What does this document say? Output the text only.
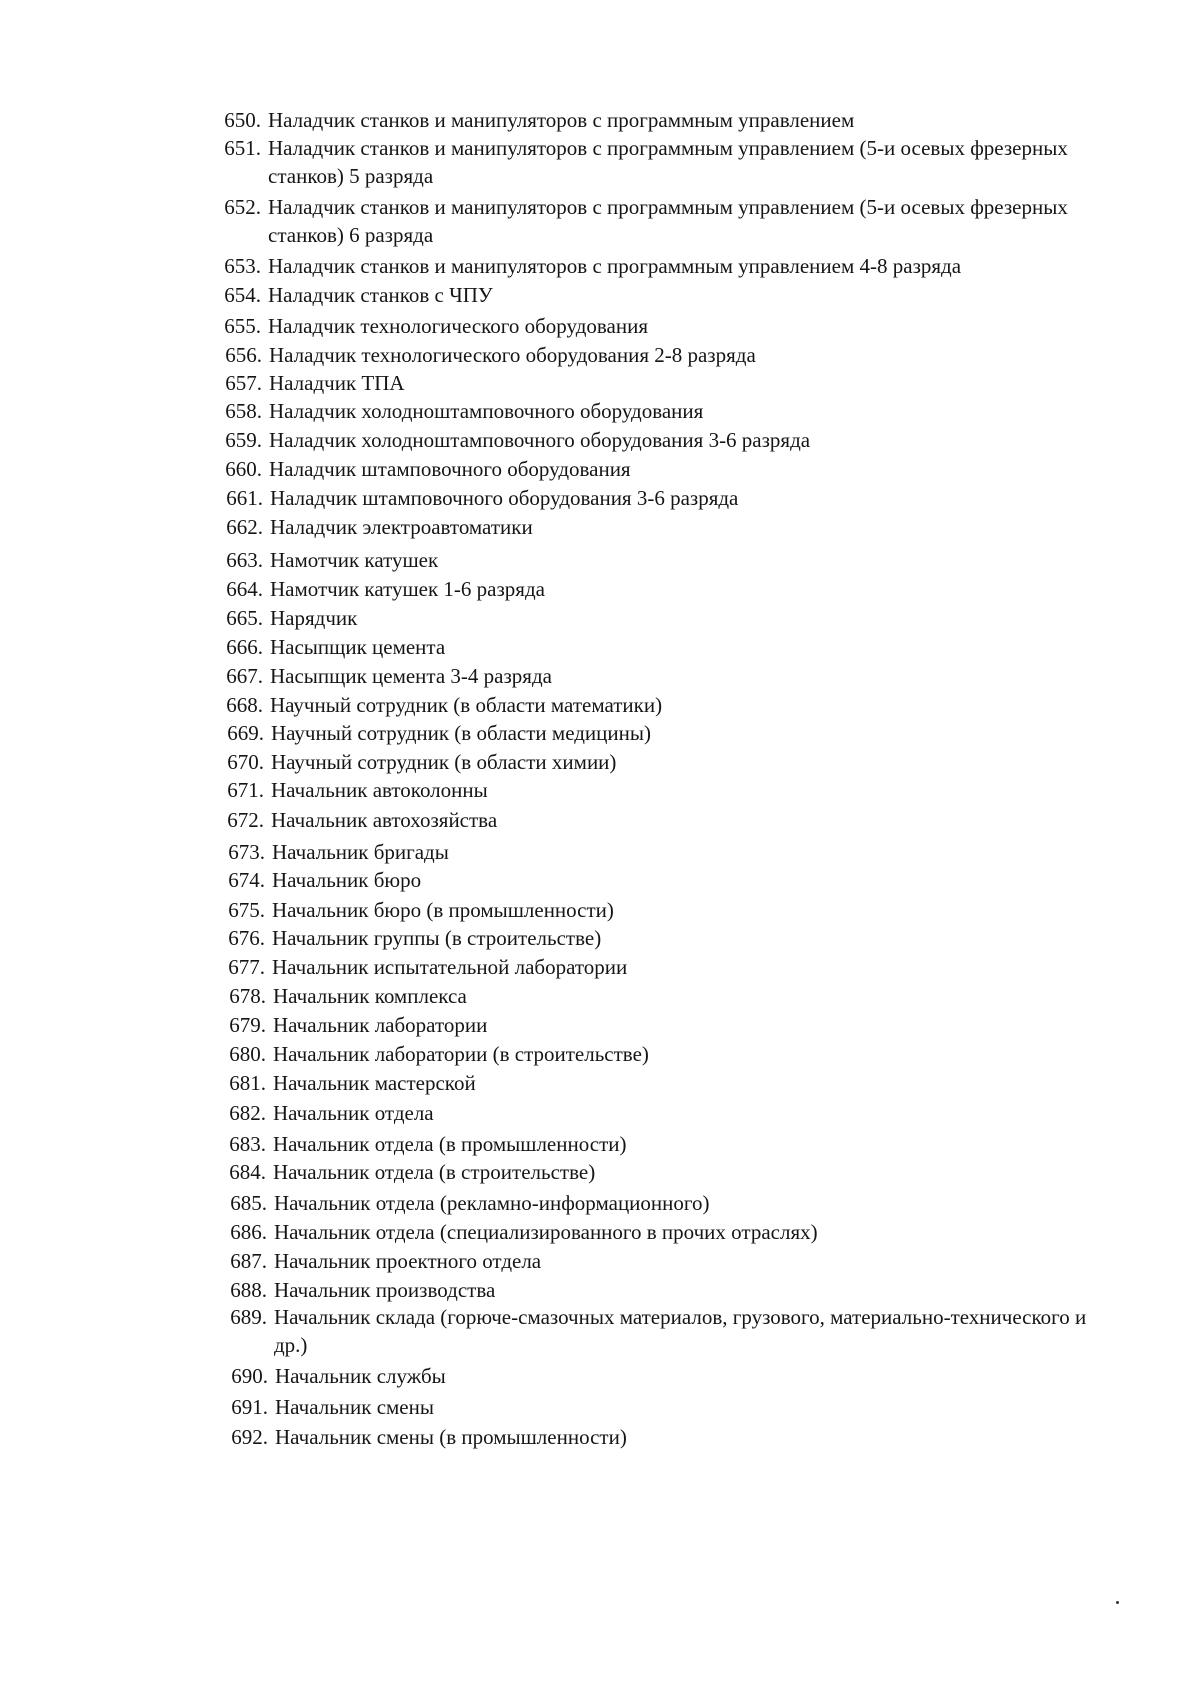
650. Наладчик станков и манипуляторов с программным управлением
651. Наладчик станков и манипуляторов с программным управлением (5-и осевых фрезерных станков) 5 разряда
652. Наладчик станков и манипуляторов с программным управлением (5-и осевых фрезерных станков) 6 разряда
653. Наладчик станков и манипуляторов с программным управлением 4-8 разряда
654. Наладчик станков с ЧПУ
655. Наладчик технологического оборудования
656. Наладчик технологического оборудования 2-8 разряда
657. Наладчик ТПА
658. Наладчик холодноштамповочного оборудования
659. Наладчик холодноштамповочного оборудования 3-6 разряда
660. Наладчик штамповочного оборудования
661. Наладчик штамповочного оборудования 3-6 разряда
662. Наладчик электроавтоматики
663. Намотчик катушек
664. Намотчик катушек 1-6 разряда
665. Нарядчик
666. Насыпщик цемента
667. Насыпщик цемента 3-4 разряда
668. Научный сотрудник (в области математики)
669. Научный сотрудник (в области медицины)
670. Научный сотрудник (в области химии)
671. Начальник автоколонны
672. Начальник автохозяйства
673. Начальник бригады
674. Начальник бюро
675. Начальник бюро (в промышленности)
676. Начальник группы (в строительстве)
677. Начальник испытательной лаборатории
678. Начальник комплекса
679. Начальник лаборатории
680. Начальник лаборатории (в строительстве)
681. Начальник мастерской
682. Начальник отдела
683. Начальник отдела (в промышленности)
684. Начальник отдела (в строительстве)
685. Начальник отдела (рекламно-информационного)
686. Начальник отдела (специализированного в прочих отраслях)
687. Начальник проектного отдела
688. Начальник производства
689. Начальник склада (горюче-смазочных материалов, грузового, материально-технического и др.)
690. Начальник службы
691. Начальник смены
692. Начальник смены (в промышленности)
